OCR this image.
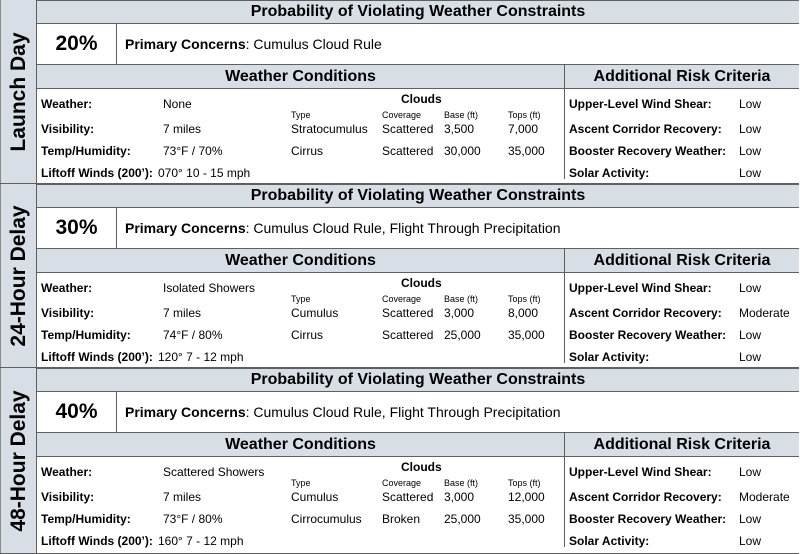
Launch Day
Probability of Violating Weather Constraints
20%	Primary Concerns: Cumulus Cloud Rule
Weather Conditions	Additional Risk Criteria
Weather:	None
Visibility:	7 miles
Temp/Humidity:	73°F / 70%
Liftoff Winds (200’): 070° 10 - 15 mph
Clouds
Type	Coverage	Base (ft)	Tops (ft)
Stratocumulus Scattered 3,500	7,000
Cirrus	Scattered 30,000 35,000
Upper-Level Wind Shear: Low
Ascent Corridor Recovery: Low
Booster Recovery Weather: Low
Solar Activity:	Low
24-Hour Delay
Probability of Violating Weather Constraints
30%	Primary Concerns: Cumulus Cloud Rule, Flight Through Precipitation
Weather Conditions	Additional Risk Criteria
Weather:	Isolated Showers
Visibility:	7 miles
Temp/Humidity:	74°F / 80%
Liftoff Winds (200’): 120° 7 - 12 mph
Clouds
Type	Coverage	Base (ft)	Tops (ft)
Cumulus	Scattered 3,000	8,000
Cirrus	Scattered 25,000 35,000
Upper-Level Wind Shear: Low
Ascent Corridor Recovery: Moderate
Booster Recovery Weather: Low
Solar Activity:	Low
48-Hour Delay
Probability of Violating Weather Constraints
40%	Primary Concerns: Cumulus Cloud Rule, Flight Through Precipitation
Weather Conditions	Additional Risk Criteria
Weather:	Scattered Showers
Visibility:	7 miles
Temp/Humidity:	73°F / 80%
Liftoff Winds (200’): 160° 7 - 12 mph
Clouds
Type	Coverage	Base (ft)	Tops (ft)
Cumulus	Scattered 3,000	12,000
Cirrocumulus Broken 25,000 35,000
Upper-Level Wind Shear: Low
Ascent Corridor Recovery: Moderate
Booster Recovery Weather: Low
Solar Activity:	Low
